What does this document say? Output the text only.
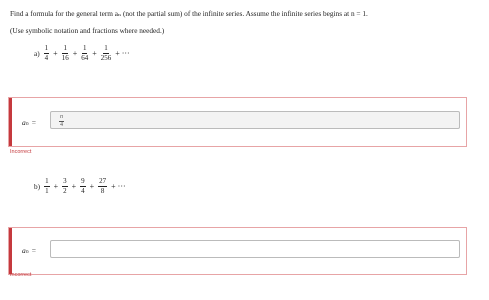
Find a formula for the general term aₙ (not the partial sum) of the infinite series. Assume the infinite series begins at n = 1.
(Use symbolic notation and fractions where needed.)
$a) \frac{1}{4} + \frac{1}{16} + \frac{1}{64} + \frac{1}{256}$ + ···
aₙ =	$\frac{n}{4}$
Incorrect
$b) \frac{1}{1} + \frac{3}{2} + \frac{9}{4} + \frac{27}{8}$ + ···
aₙ =
Incorrect
